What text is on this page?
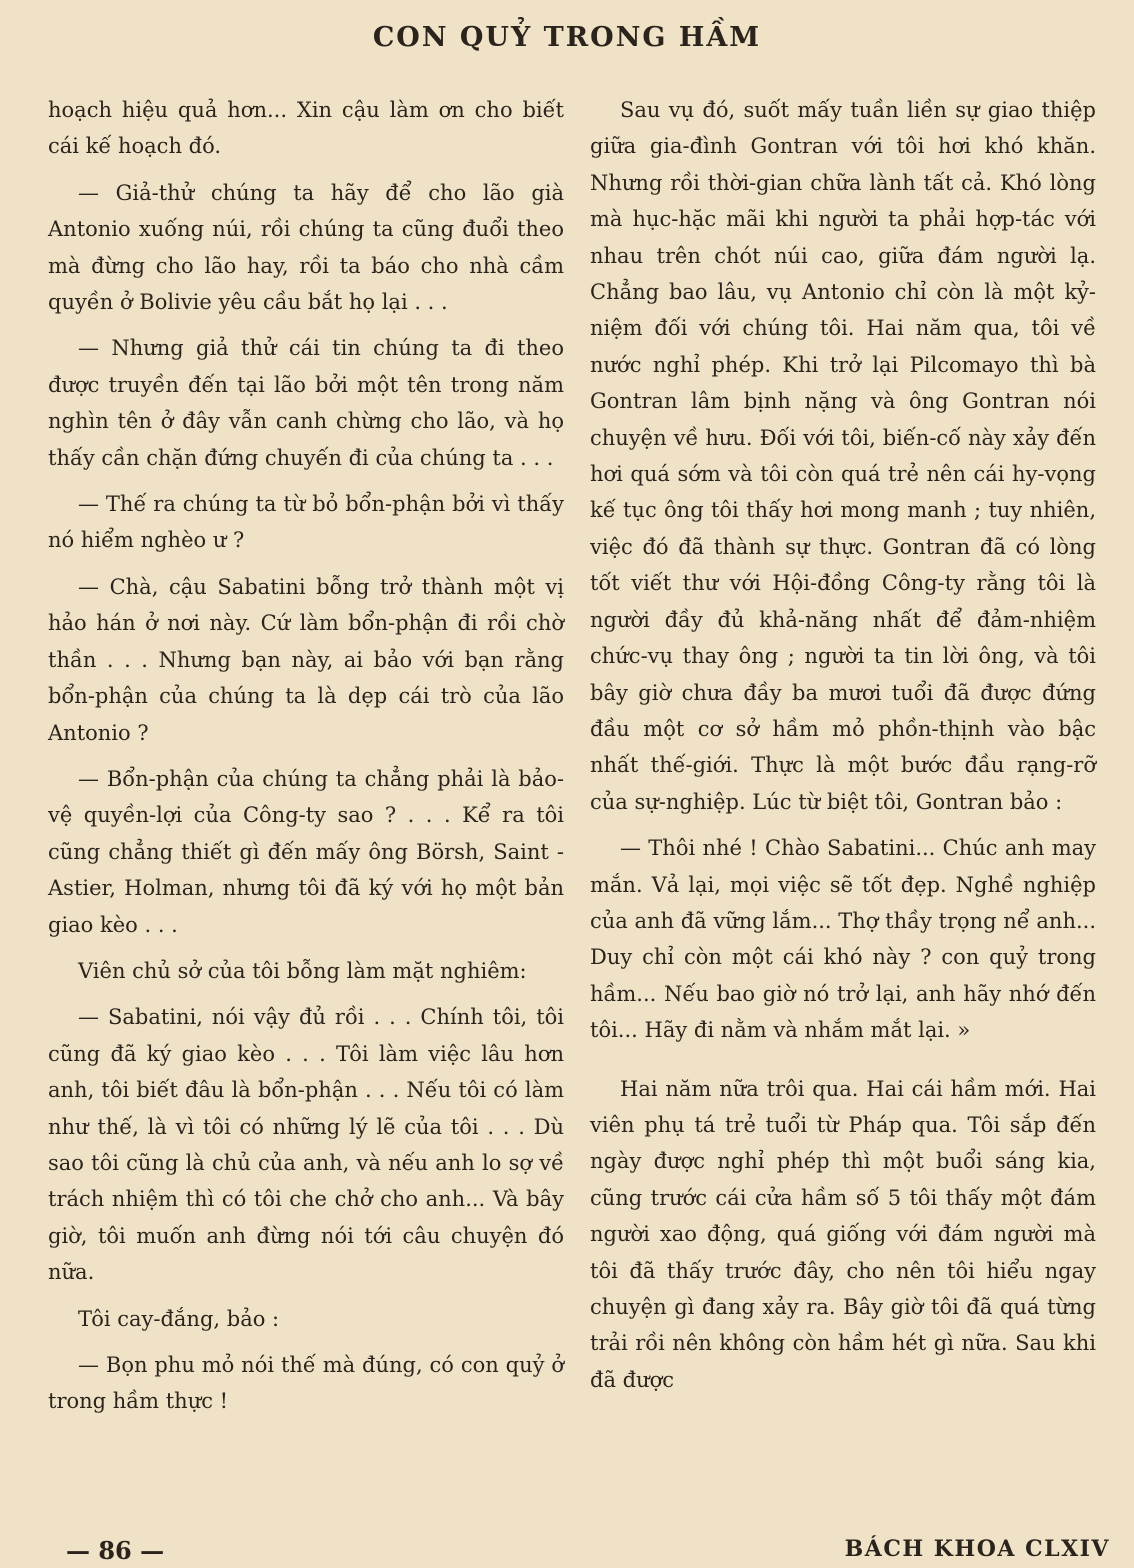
CON QUỶ TRONG HẦM

hoạch hiệu quả hơn... Xin cậu làm ơn cho biết cái kế hoạch đó.

— Giả-thử chúng ta hãy để cho lão già Antonio xuống núi, rồi chúng ta cũng đuổi theo mà đừng cho lão hay, rồi ta báo cho nhà cầm quyền ở Bolivie yêu cầu bắt họ lại . . .

— Nhưng giả thử cái tin chúng ta đi theo được truyền đến tại lão bởi một tên trong năm nghìn tên ở đây vẫn canh chừng cho lão, và họ thấy cần chặn đứng chuyến đi của chúng ta . . .

— Thế ra chúng ta từ bỏ bổn-phận bởi vì thấy nó hiểm nghèo ư ?

— Chà, cậu Sabatini bỗng trở thành một vị hảo hán ở nơi này. Cứ làm bổn-phận đi rồi chờ thần . . . Nhưng bạn này, ai bảo với bạn rằng bổn-phận của chúng ta là dẹp cái trò của lão Antonio ?

— Bổn-phận của chúng ta chẳng phải là bảo-vệ quyền-lợi của Công-ty sao ? . . . Kể ra tôi cũng chẳng thiết gì đến mấy ông Börsh, Saint - Astier, Holman, nhưng tôi đã ký với họ một bản giao kèo . . .

Viên chủ sở của tôi bỗng làm mặt nghiêm:

— Sabatini, nói vậy đủ rồi . . . Chính tôi, tôi cũng đã ký giao kèo . . . Tôi làm việc lâu hơn anh, tôi biết đâu là bổn-phận . . . Nếu tôi có làm như thế, là vì tôi có những lý lẽ của tôi . . . Dù sao tôi cũng là chủ của anh, và nếu anh lo sợ về trách nhiệm thì có tôi che chở cho anh... Và bây giờ, tôi muốn anh đừng nói tới câu chuyện đó nữa.

Tôi cay-đắng, bảo :

— Bọn phu mỏ nói thế mà đúng, có con quỷ ở trong hầm thực !

Sau vụ đó, suốt mấy tuần liền sự giao thiệp giữa gia-đình Gontran với tôi hơi khó khăn. Nhưng rồi thời-gian chữa lành tất cả. Khó lòng mà hục-hặc mãi khi người ta phải hợp-tác với nhau trên chót núi cao, giữa đám người lạ. Chẳng bao lâu, vụ Antonio chỉ còn là một kỷ-niệm đối với chúng tôi. Hai năm qua, tôi về nước nghỉ phép. Khi trở lại Pilcomayo thì bà Gontran lâm bịnh nặng và ông Gontran nói chuyện về hưu. Đối với tôi, biến-cố này xảy đến hơi quá sớm và tôi còn quá trẻ nên cái hy-vọng kế tục ông tôi thấy hơi mong manh ; tuy nhiên, việc đó đã thành sự thực. Gontran đã có lòng tốt viết thư với Hội-đồng Công-ty rằng tôi là người đầy đủ khả-năng nhất để đảm-nhiệm chức-vụ thay ông ; người ta tin lời ông, và tôi bây giờ chưa đầy ba mươi tuổi đã được đứng đầu một cơ sở hầm mỏ phồn-thịnh vào bậc nhất thế-giới. Thực là một bước đầu rạng-rỡ của sự-nghiệp. Lúc từ biệt tôi, Gontran bảo :

— Thôi nhé ! Chào Sabatini... Chúc anh may mắn. Vả lại, mọi việc sẽ tốt đẹp. Nghề nghiệp của anh đã vững lắm... Thợ thầy trọng nể anh... Duy chỉ còn một cái khó này ? con quỷ trong hầm... Nếu bao giờ nó trở lại, anh hãy nhớ đến tôi... Hãy đi nằm và nhắm mắt lại. »

Hai năm nữa trôi qua. Hai cái hầm mới. Hai viên phụ tá trẻ tuổi từ Pháp qua. Tôi sắp đến ngày được nghỉ phép thì một buổi sáng kia, cũng trước cái cửa hầm số 5 tôi thấy một đám người xao động, quá giống với đám người mà tôi đã thấy trước đây, cho nên tôi hiểu ngay chuyện gì đang xảy ra. Bây giờ tôi đã quá từng trải rồi nên không còn hầm hét gì nữa. Sau khi đã được

— 86 —	BÁCH KHOA CLXIV
